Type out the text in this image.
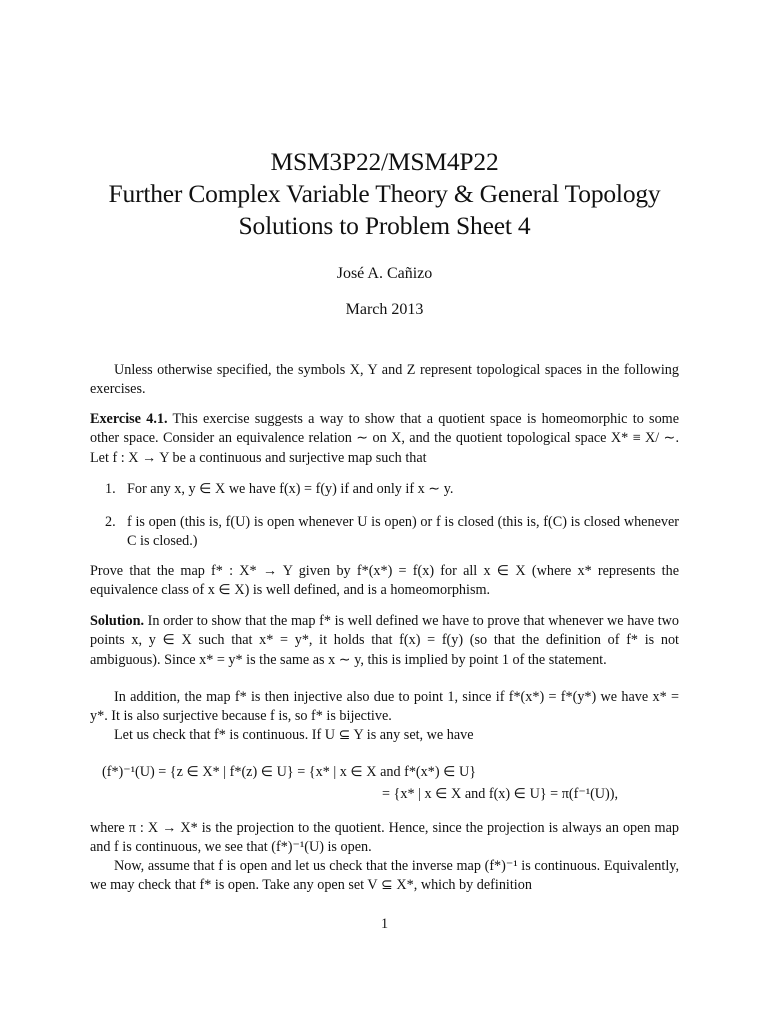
MSM3P22/MSM4P22
Further Complex Variable Theory & General Topology
Solutions to Problem Sheet 4
José A. Cañizo
March 2013
Unless otherwise specified, the symbols X, Y and Z represent topological spaces in the following exercises.
Exercise 4.1. This exercise suggests a way to show that a quotient space is homeomorphic to some other space. Consider an equivalence relation ∼ on X, and the quotient topological space X* ≡ X/ ∼. Let f : X → Y be a continuous and surjective map such that
1. For any x, y ∈ X we have f(x) = f(y) if and only if x ∼ y.
2. f is open (this is, f(U) is open whenever U is open) or f is closed (this is, f(C) is closed whenever C is closed.)
Prove that the map f* : X* → Y given by f*(x*) = f(x) for all x ∈ X (where x* represents the equivalence class of x ∈ X) is well defined, and is a homeomorphism.
Solution. In order to show that the map f* is well defined we have to prove that whenever we have two points x, y ∈ X such that x* = y*, it holds that f(x) = f(y) (so that the definition of f* is not ambiguous). Since x* = y* is the same as x ∼ y, this is implied by point 1 of the statement.
In addition, the map f* is then injective also due to point 1, since if f*(x*) = f*(y*) we have x* = y*. It is also surjective because f is, so f* is bijective.
Let us check that f* is continuous. If U ⊆ Y is any set, we have
(f*)⁻¹(U) = {z ∈ X* | f*(z) ∈ U} = {x* | x ∈ X and f*(x*) ∈ U}
= {x* | x ∈ X and f(x) ∈ U} = π(f⁻¹(U)),
where π : X → X* is the projection to the quotient. Hence, since the projection is always an open map and f is continuous, we see that (f*)⁻¹(U) is open.
Now, assume that f is open and let us check that the inverse map (f*)⁻¹ is continuous. Equivalently, we may check that f* is open. Take any open set V ⊆ X*, which by definition
1
